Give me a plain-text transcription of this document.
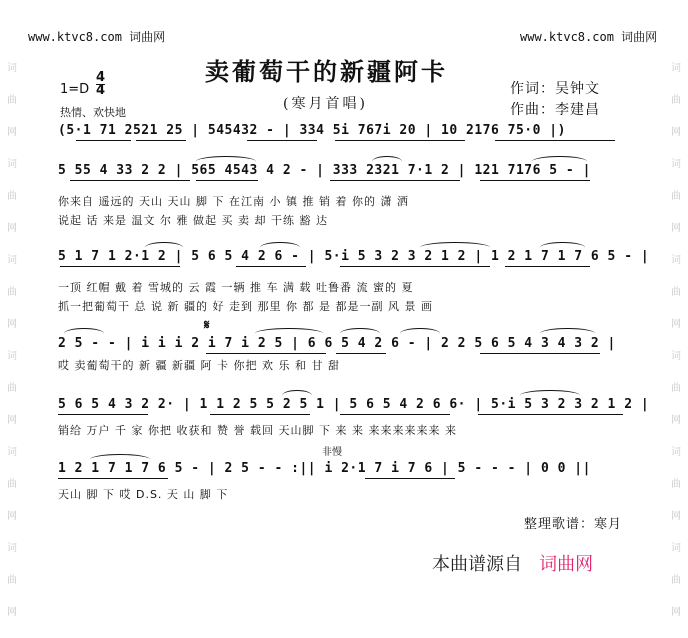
词
曲
网
词
曲
网
词
曲
网
词
曲
网
词
曲
网
词
曲
网
词
曲
网
词
曲
网
词
曲
网
词
曲
网
词
曲
网
词
曲
网
www.ktvc8.com 词曲网	www.ktvc8.com 词曲网
卖葡萄干的新疆阿卡
(寒月首唱)
作词：吴钟文
作曲：李建昌
1=D
4
4
热情、欢快地
(5·1 71 2521 25 | 545432 - | 334 5i 767i 20 | 10 2176 75·0 |)
5 55 4 33 2 2 | 565 4543 4 2 - | 333 2321 7·1 2 | 121 7176 5 - |
你来自 遥远的 天山 天山 脚 下 在江南 小 镇 推 销 着 你的 潇 洒
说起 话 来是 温文 尔 雅 做起 买 卖 却 干练 豁 达
5 1 7 1 2·1 2 | 5 6 5 4 2 6 - | 5·i 5 3 2 3 2 1 2 | 1 2 1 7 1 7 6 5 - |
一顶 红帽 戴 着 雪城的 云 霞 一辆 推 车 满 载 吐鲁番 流 蜜的 夏
抓一把葡萄干 总 说 新 疆的 好 走到 那里 你 都 是 都是一副 风 景 画
𝄋
2 5 - - | i i i 2 i 7 i 2 5 | 6 6 5 4 2 6 - | 2 2 5 6 5 4 3 4 3 2 |
哎 卖葡萄干的 新 疆 新疆 阿 卡 你把 欢 乐 和 甘 甜
5 6 5 4 3 2 2· | 1 1 2 5 5 2 5 1 | 5 6 5 4 2 6 6· | 5·i 5 3 2 3 2 1 2 |
销给 万户 千 家 你把 收获和 赞 誉 载回 天山脚 下 来 来 来来来来来来 来
非慢
1 2 1 7 1 7 6 5 - | 2 5 - - :|| i 2·1 7 i 7 6 | 5 - - - | 0 0 ||
天山 脚 下 哎 D.S. 天 山 脚 下
整理歌谱：寒月
本曲谱源自 词曲网
